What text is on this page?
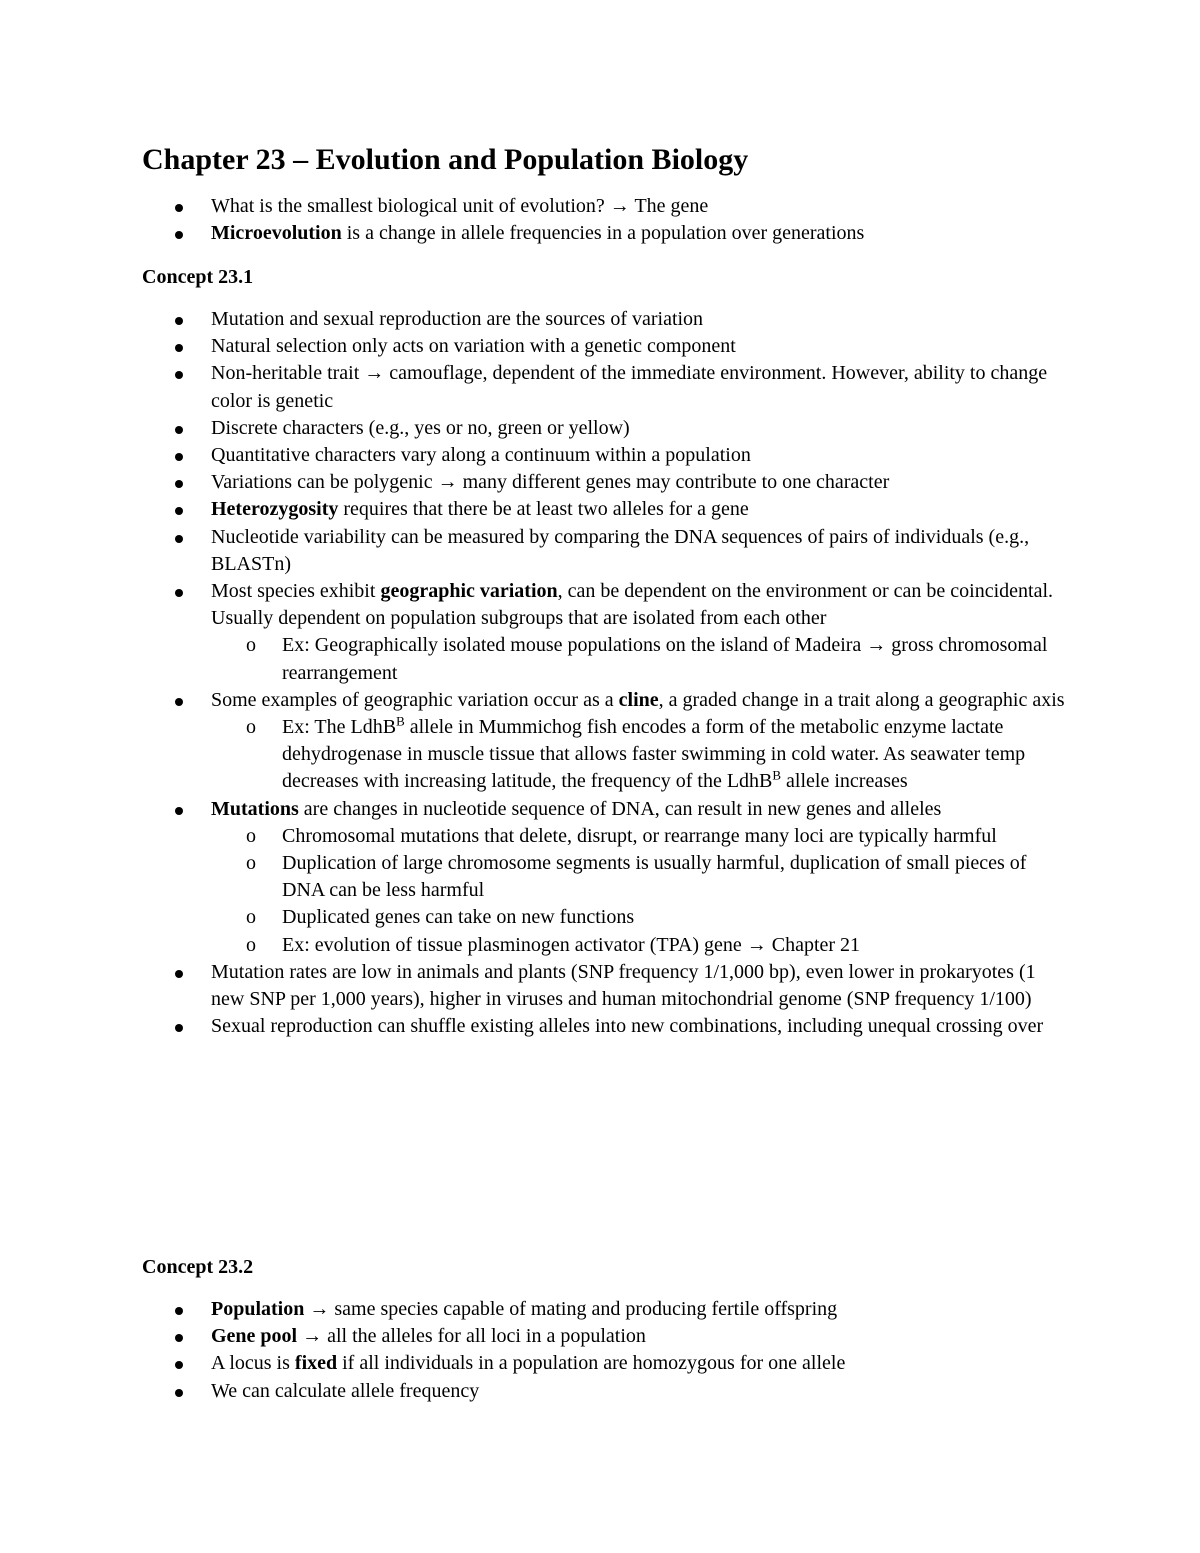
Chapter 23 – Evolution and Population Biology
What is the smallest biological unit of evolution? → The gene
Microevolution is a change in allele frequencies in a population over generations
Concept 23.1
Mutation and sexual reproduction are the sources of variation
Natural selection only acts on variation with a genetic component
Non-heritable trait → camouflage, dependent of the immediate environment. However, ability to change color is genetic
Discrete characters (e.g., yes or no, green or yellow)
Quantitative characters vary along a continuum within a population
Variations can be polygenic → many different genes may contribute to one character
Heterozygosity requires that there be at least two alleles for a gene
Nucleotide variability can be measured by comparing the DNA sequences of pairs of individuals (e.g., BLASTn)
Most species exhibit geographic variation, can be dependent on the environment or can be coincidental. Usually dependent on population subgroups that are isolated from each other
o Ex: Geographically isolated mouse populations on the island of Madeira → gross chromosomal rearrangement
Some examples of geographic variation occur as a cline, a graded change in a trait along a geographic axis
o Ex: The LdhB$^B$ allele in Mummichog fish encodes a form of the metabolic enzyme lactate dehydrogenase in muscle tissue that allows faster swimming in cold water. As seawater temp decreases with increasing latitude, the frequency of the LdhB$^B$ allele increases
Mutations are changes in nucleotide sequence of DNA, can result in new genes and alleles
o Chromosomal mutations that delete, disrupt, or rearrange many loci are typically harmful
o Duplication of large chromosome segments is usually harmful, duplication of small pieces of DNA can be less harmful
o Duplicated genes can take on new functions
o Ex: evolution of tissue plasminogen activator (TPA) gene → Chapter 21
Mutation rates are low in animals and plants (SNP frequency 1/1,000 bp), even lower in prokaryotes (1 new SNP per 1,000 years), higher in viruses and human mitochondrial genome (SNP frequency 1/100)
Sexual reproduction can shuffle existing alleles into new combinations, including unequal crossing over
Concept 23.2
Population → same species capable of mating and producing fertile offspring
Gene pool → all the alleles for all loci in a population
A locus is fixed if all individuals in a population are homozygous for one allele
We can calculate allele frequency
